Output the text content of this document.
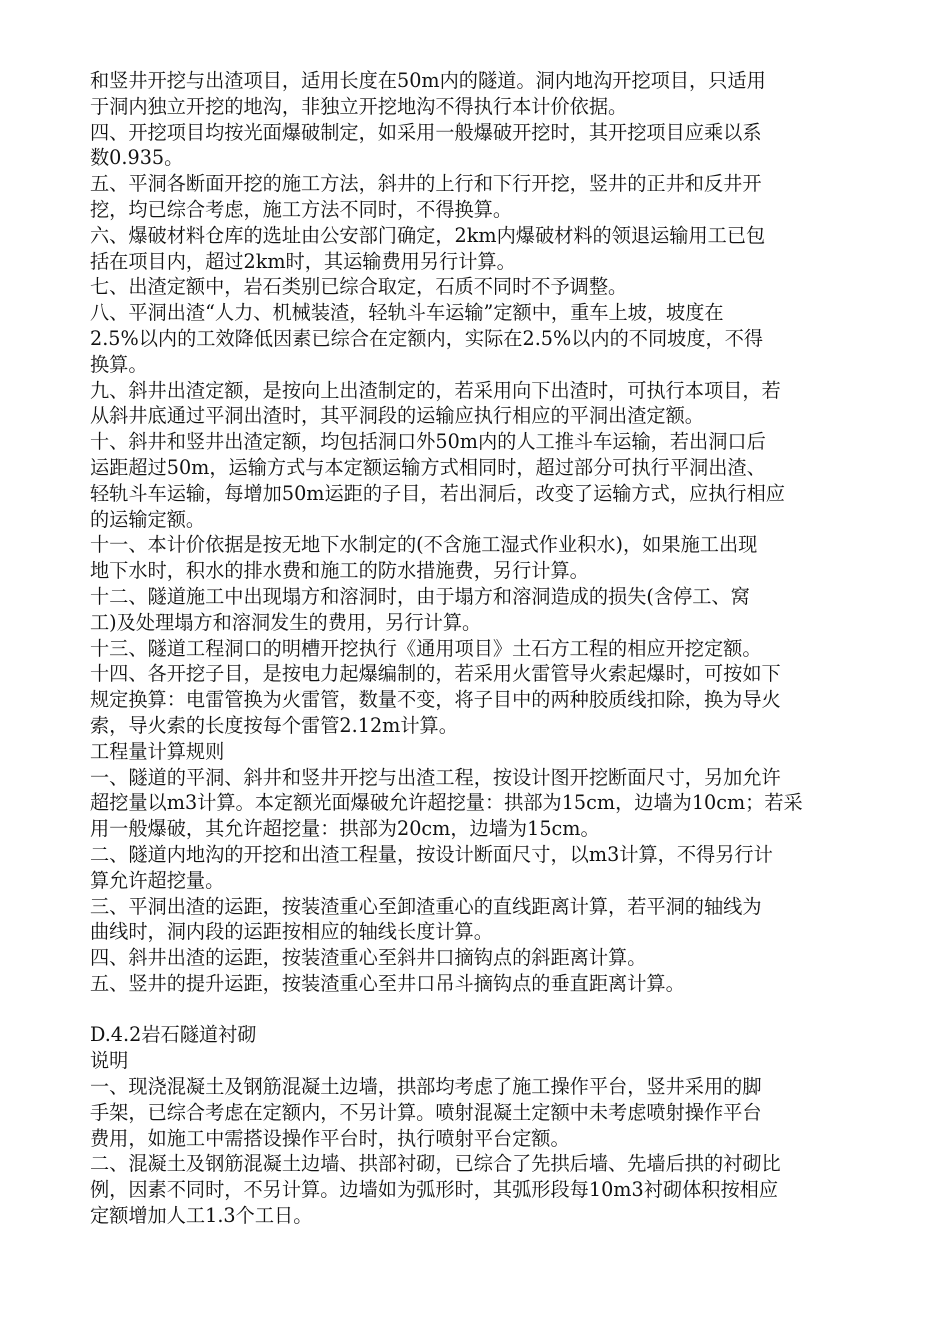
和竖井开挖与出渣项目，适用长度在50m内的隧道。洞内地沟开挖项目，只适用
于洞内独立开挖的地沟，非独立开挖地沟不得执行本计价依据。
四、开挖项目均按光面爆破制定，如采用一般爆破开挖时，其开挖项目应乘以系
数0.935。
五、平洞各断面开挖的施工方法，斜井的上行和下行开挖，竖井的正井和反井开
挖，均已综合考虑，施工方法不同时，不得换算。
六、爆破材料仓库的选址由公安部门确定，2km内爆破材料的领退运输用工已包
括在项目内，超过2km时，其运输费用另行计算。
七、出渣定额中，岩石类别已综合取定，石质不同时不予调整。
八、平洞出渣“人力、机械装渣，轻轨斗车运输”定额中，重车上坡，坡度在
2.5%以内的工效降低因素已综合在定额内，实际在2.5%以内的不同坡度，不得
换算。
九、斜井出渣定额，是按向上出渣制定的，若采用向下出渣时，可执行本项目，若
从斜井底通过平洞出渣时，其平洞段的运输应执行相应的平洞出渣定额。
十、斜井和竖井出渣定额，均包括洞口外50m内的人工推斗车运输，若出洞口后
运距超过50m，运输方式与本定额运输方式相同时，超过部分可执行平洞出渣、
轻轨斗车运输，每增加50m运距的子目，若出洞后，改变了运输方式，应执行相应
的运输定额。
十一、本计价依据是按无地下水制定的(不含施工湿式作业积水)，如果施工出现
地下水时，积水的排水费和施工的防水措施费，另行计算。
十二、隧道施工中出现塌方和溶洞时，由于塌方和溶洞造成的损失(含停工、窝
工)及处理塌方和溶洞发生的费用，另行计算。
十三、隧道工程洞口的明槽开挖执行《通用项目》土石方工程的相应开挖定额。
十四、各开挖子目，是按电力起爆编制的，若采用火雷管导火索起爆时，可按如下
规定换算：电雷管换为火雷管，数量不变，将子目中的两种胶质线扣除，换为导火
索，导火索的长度按每个雷管2.12m计算。
工程量计算规则
一、隧道的平洞、斜井和竖井开挖与出渣工程，按设计图开挖断面尺寸，另加允许
超挖量以m3计算。本定额光面爆破允许超挖量：拱部为15cm，边墙为10cm；若采
用一般爆破，其允许超挖量：拱部为20cm，边墙为15cm。
二、隧道内地沟的开挖和出渣工程量，按设计断面尺寸，以m3计算，不得另行计
算允许超挖量。
三、平洞出渣的运距，按装渣重心至卸渣重心的直线距离计算，若平洞的轴线为
曲线时，洞内段的运距按相应的轴线长度计算。
四、斜井出渣的运距，按装渣重心至斜井口摘钩点的斜距离计算。
五、竖井的提升运距，按装渣重心至井口吊斗摘钩点的垂直距离计算。
D.4.2岩石隧道衬砌
说明
一、现浇混凝土及钢筋混凝土边墙，拱部均考虑了施工操作平台，竖井采用的脚
手架，已综合考虑在定额内，不另计算。喷射混凝土定额中未考虑喷射操作平台
费用，如施工中需搭设操作平台时，执行喷射平台定额。
二、混凝土及钢筋混凝土边墙、拱部衬砌，已综合了先拱后墙、先墙后拱的衬砌比
例，因素不同时，不另计算。边墙如为弧形时，其弧形段每10m3衬砌体积按相应
定额增加人工1.3个工日。
